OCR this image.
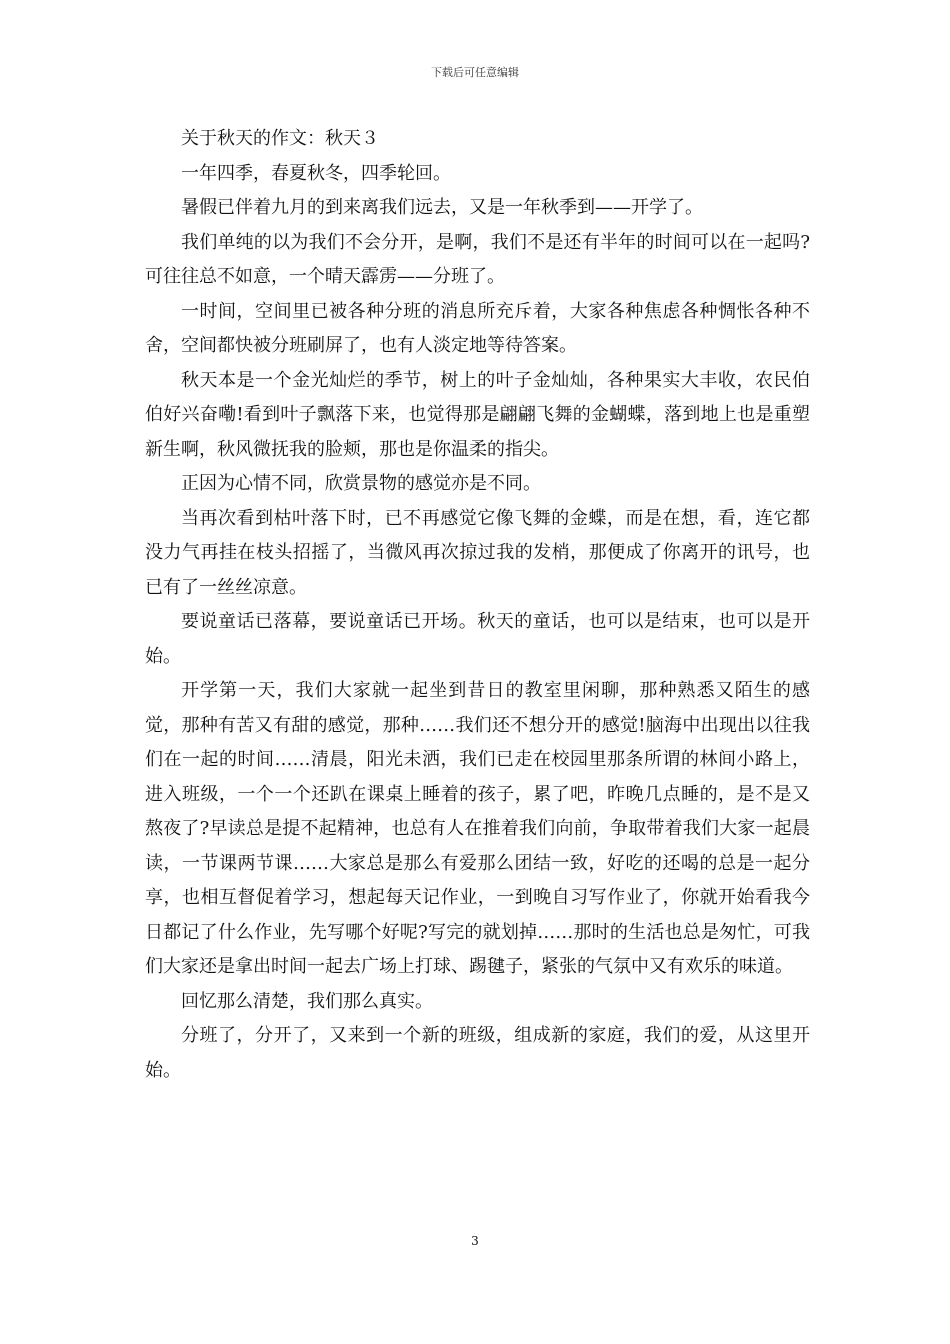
下载后可任意编辑

关于秋天的作文：秋天３

一年四季，春夏秋冬，四季轮回。

暑假已伴着九月的到来离我们远去，又是一年秋季到——开学了。

我们单纯的以为我们不会分开，是啊，我们不是还有半年的时间可以在一起吗?可往往总不如意，一个晴天霹雳——分班了。

一时间，空间里已被各种分班的消息所充斥着，大家各种焦虑各种惆怅各种不舍，空间都快被分班刷屏了，也有人淡定地等待答案。

秋天本是一个金光灿烂的季节，树上的叶子金灿灿，各种果实大丰收，农民伯伯好兴奋嘞!看到叶子飘落下来，也觉得那是翩翩飞舞的金蝴蝶，落到地上也是重塑新生啊，秋风微抚我的脸颊，那也是你温柔的指尖。

正因为心情不同，欣赏景物的感觉亦是不同。

当再次看到枯叶落下时，已不再感觉它像飞舞的金蝶，而是在想，看，连它都没力气再挂在枝头招摇了，当微风再次掠过我的发梢，那便成了你离开的讯号，也已有了一丝丝凉意。

要说童话已落幕，要说童话已开场。秋天的童话，也可以是结束，也可以是开始。

开学第一天，我们大家就一起坐到昔日的教室里闲聊，那种熟悉又陌生的感觉，那种有苦又有甜的感觉，那种……我们还不想分开的感觉!脑海中出现出以往我们在一起的时间……清晨，阳光未洒，我们已走在校园里那条所谓的林间小路上，进入班级，一个一个还趴在课桌上睡着的孩子，累了吧，昨晚几点睡的，是不是又熬夜了?早读总是提不起精神，也总有人在推着我们向前，争取带着我们大家一起晨读，一节课两节课……大家总是那么有爱那么团结一致，好吃的还喝的总是一起分享，也相互督促着学习，想起每天记作业，一到晚自习写作业了，你就开始看我今日都记了什么作业，先写哪个好呢?写完的就划掉……那时的生活也总是匆忙，可我们大家还是拿出时间一起去广场上打球、踢毽子，紧张的气氛中又有欢乐的味道。

回忆那么清楚，我们那么真实。

分班了，分开了，又来到一个新的班级，组成新的家庭，我们的爱，从这里开始。

3
